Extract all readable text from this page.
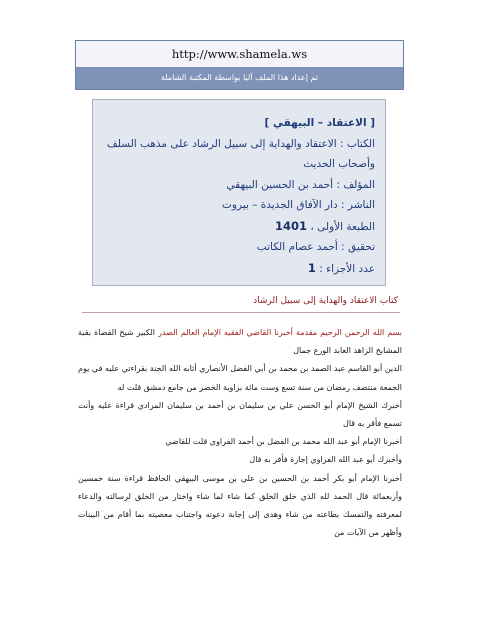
http://www.shamela.ws
تم إعداد هذا الملف آليا بواسطة المكتبة الشاملة
[ الاعتقاد – البيهقي ]
الكتاب : الاعتقاد والهداية إلى سبيل الرشاد على مذهب السلف
وأصحاب الحديث
المؤلف : أحمد بن الحسين البيهقي
الناشر : دار الآفاق الجديدة – بيروت
الطبعة الأولى ، 1401
تحقيق : أحمد عصام الكاتب
عدد الأجزاء : 1
كتاب الاعتقاد والهداية إلى سبيل الرشاد
بسم الله الرحمن الرحيم مقدمة أخبرنا القاضي الفقيه الإمام العالم الصدر الكبير شيخ القضاة بقية المشايخ الزاهد العابد الورع جمال
الدين أبو القاسم عبد الصمد بن محمد بن أبي الفضل الأنصاري أثابه الله الجنة بقراءتي عليه في يوم الجمعة منتصف رمضان من سنة تسع وست مائة بزاوية الخضر من جامع دمشق قلت له
أخبرك الشيخ الإمام أبو الحسن علي بن سليمان بن أحمد بن سليمان المرادي قراءة عليه وأنت تسمع فأقر به قال
أخبرنا الإمام أبو عبد الله محمد بن الفضل بن أحمد الفراوي قلت للقاضي
وأخبرك أبو عبد الله الفراوي إجازة فأقر به قال
أخبرنا الإمام أبو بكر أحمد بن الحسين بن علي بن موسى البيهقي الحافظ قراءة سنة خمسين وأربعمائة قال الحمد لله الذي خلق الخلق كما شاء لما شاء واختار من الخلق لرسالته والدعاء لمعرفته والتمسك بطاعته من شاء وهدى إلى إجابة دعوته واجتناب معصيته بما أقام من البينات وأظهر من الآيات من
